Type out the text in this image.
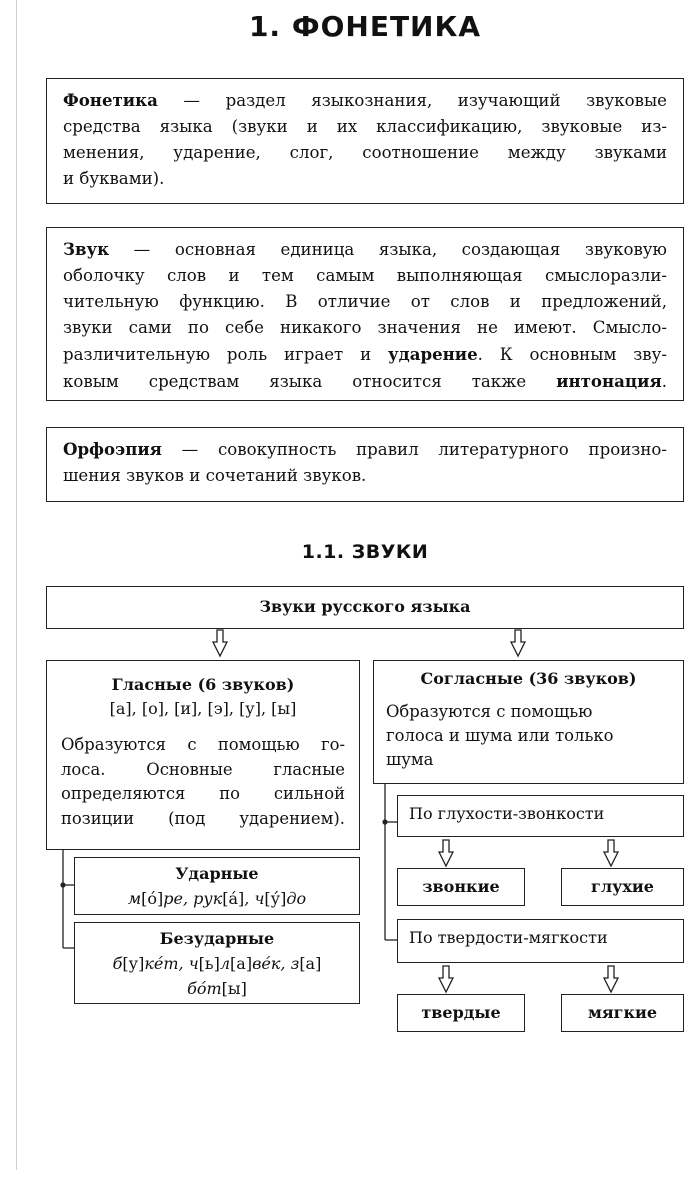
1. ФОНЕТИКА
Фонетика — раздел языкознания, изучающий звуковые
средства языка (звуки и их классификацию, звуковые из-
менения, ударение, слог, соотношение между звуками
и буквами).
Звук — основная единица языка, создающая звуковую
оболочку слов и тем самым выполняющая смыслоразли-
чительную функцию. В отличие от слов и предложений,
звуки сами по себе никакого значения не имеют. Смысло-
различительную роль играет и ударение. К основным зву-
ковым средствам языка относится также интонация.
Орфоэпия — совокупность правил литературного произно-
шения звуков и сочетаний звуков.
1.1. ЗВУКИ
Звуки русского языка
Гласные (6 звуков)
[а], [о], [и], [э], [у], [ы]
Образуются с помощью го-
лоса. Основные гласные
определяются по сильной
позиции (под ударением).
Ударные
м[о́]ре, рук[а́], ч[у́]до
Безударные
б[у]ке́т, ч[ь]л[а]ве́к, з[а]
бо́т[ы]
Согласные (36 звуков)
Образуются с помощью
голоса и шума или только
шума
По глухости-звонкости
звонкие	глухие
По твердости-мягкости
твердые	мягкие
